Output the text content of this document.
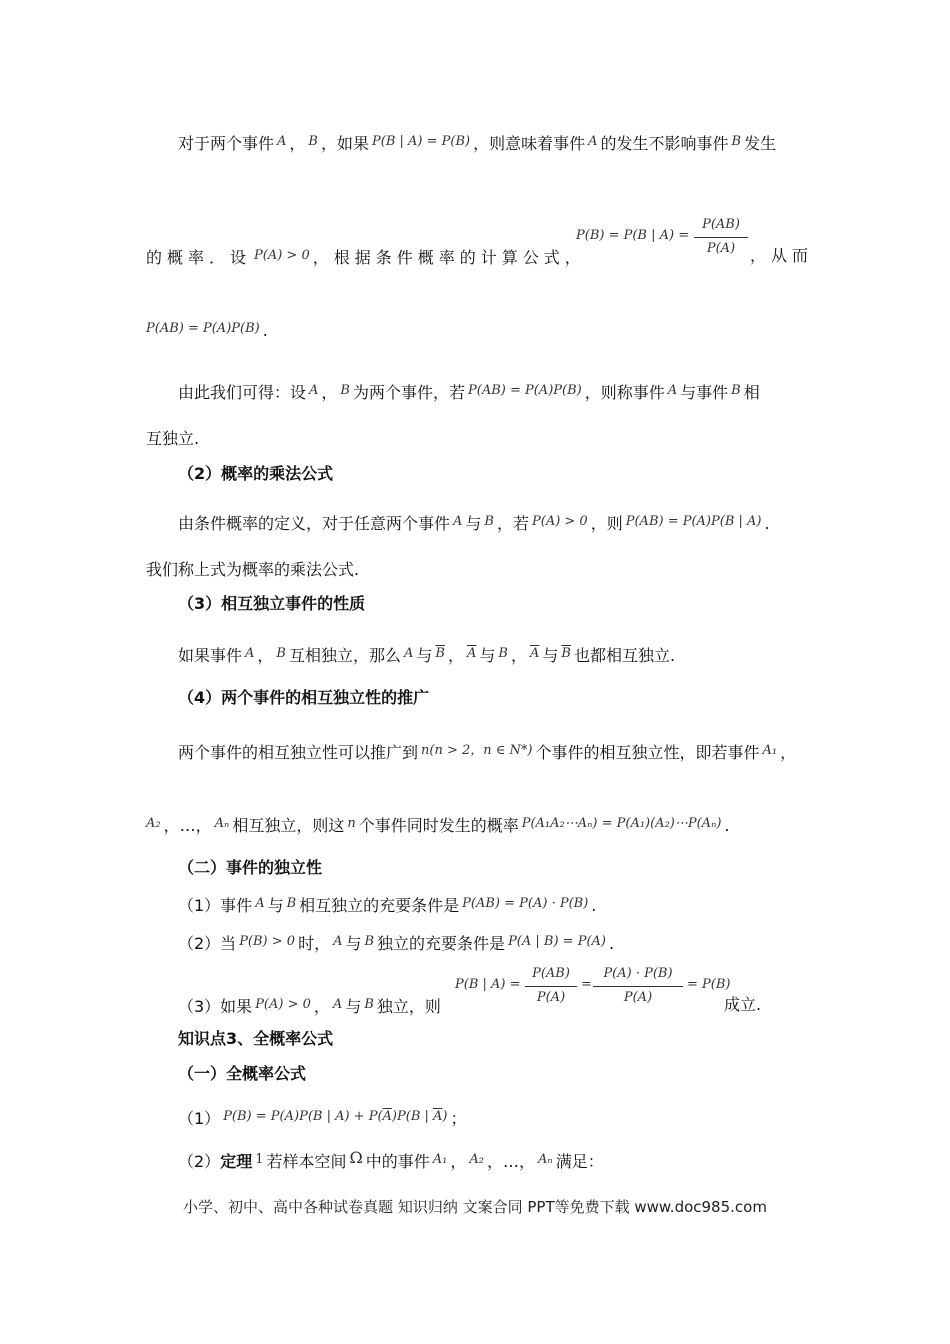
对于两个事件 $^A$ ， $^B$ ，如果 $^{P(B | A) = P(B)}$ ，则意味着事件 $^A$ 的发生不影响事件 $^B$ 发生
的概率．设 $^{P(A) > 0}$ ，根据条件概率的计算公式，
P(B) = P(B | A) =
P(AB)
P(A) ，从而
$^{P(AB) = P(A)P(B)}$ .
由此我们可得：设 $^A$ ， $^B$ 为两个事件，若 $^{P(AB) = P(A)P(B)}$ ，则称事件 $^A$ 与事件 $^B$ 相
互独立.
（2）概率的乘法公式
由条件概率的定义，对于任意两个事件 $^A$ 与 $^B$ ，若 $^{P(A) > 0}$ ，则 $^{P(AB) = P(A)P(B | A)}$ .
我们称上式为概率的乘法公式.
（3）相互独立事件的性质
如果事件 $^A$ ， $^B$ 互相独立，那么 $^A$ 与 $^{\overline{B}}$ ， $^{\overline{A}}$ 与 $^B$ ， $^{\overline{A}}$ 与 $^{\overline{B}}$ 也都相互独立.
（4）两个事件的相互独立性的推广
两个事件的相互独立性可以推广到 $^{n(n > 2,n \in N*)}$ 个事件的相互独立性，即若事件 $^{A_1}$ ，
$^{A_2}$ ，…， $^{A_n}$ 相互独立，则这 $^n$ 个事件同时发生的概率 $^{P(A_1A_2\cdots A_n) = P(A_1)(A_2)\cdots P(A_n)}$ .
（二）事件的独立性
（1）事件 $^A$ 与 $^B$ 相互独立的充要条件是 $^{P(AB) = P(A) \cdot P(B)}$ .
（2）当 $^{P(B) > 0}$ 时， $^A$ 与 $^B$ 独立的充要条件是 $^{P(A | B) = P(A)}$ .
（3）如果 $^{P(A) > 0}$ ， $^A$ 与 $^B$ 独立，则
P(B | A) =
P(AB)
P(A)
=
P(A) · P(B)
P(A)
= P(B)
成立.
知识点3、全概率公式
（一）全概率公式
（1） $^{P(B) = P(A)P(B | A) + P(\overline{A})P(B |}$ $^{\overline{A})}$ ；
（2）定理 $^1$ 若样本空间 Ω 中的事件 $^{A_1}$ ， $^{A_2}$ ，…， $^{A_n}$ 满足：
小学、初中、高中各种试卷真题 知识归纳 文案合同 PPT等免费下载 www.doc985.com
